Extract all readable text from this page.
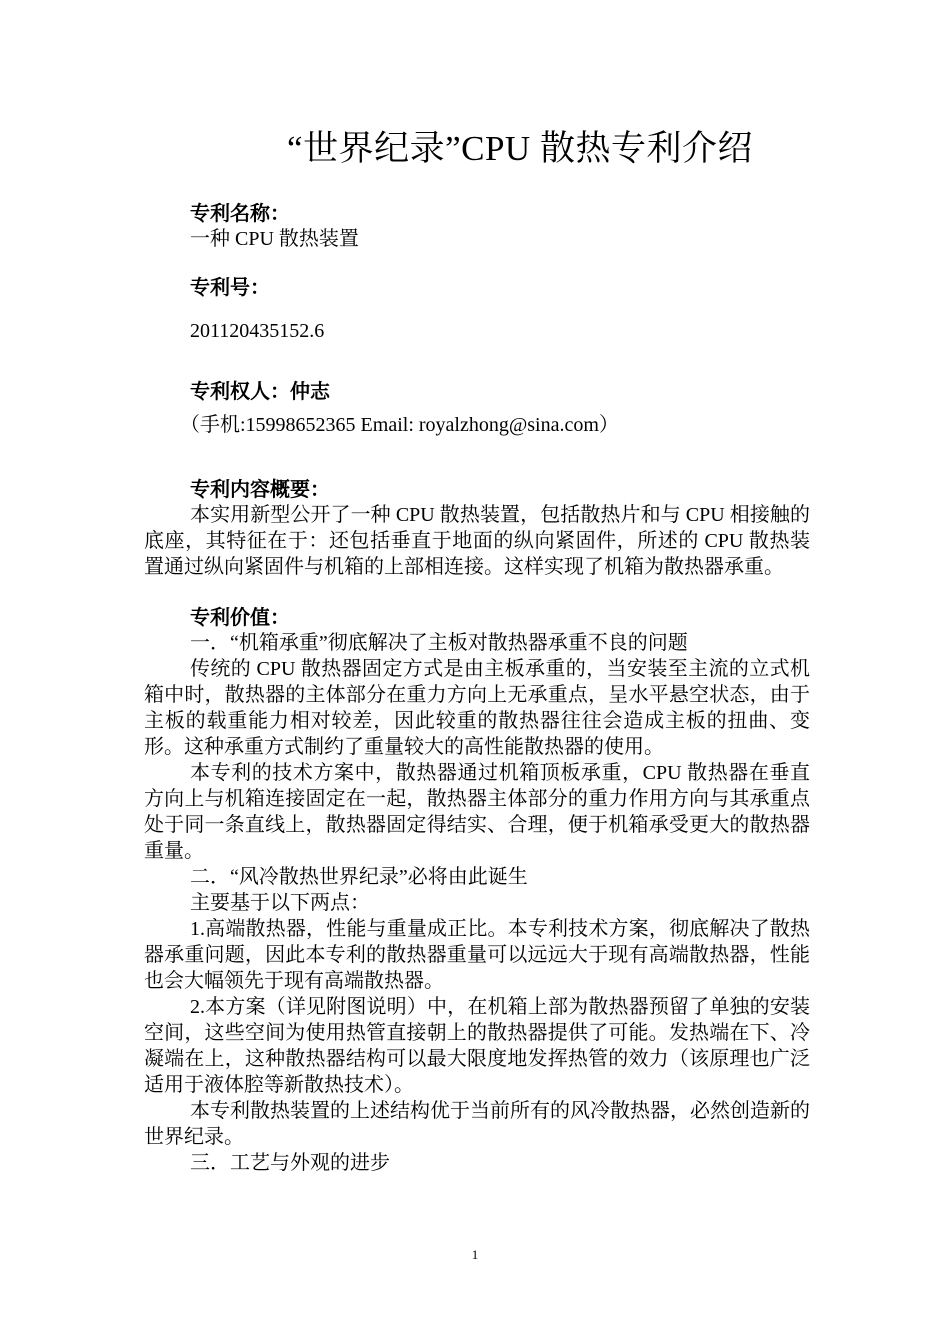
“世界纪录”CPU 散热专利介绍
专利名称：
一种 CPU 散热装置
专利号：
201120435152.6
专利权人：仲志
（手机:15998652365 Email: royalzhong@sina.com）
专利内容概要：

本实用新型公开了一种 CPU 散热装置，包括散热片和与 CPU 相接触的底座，其特征在于：还包括垂直于地面的纵向紧固件，所述的 CPU 散热装置通过纵向紧固件与机箱的上部相连接。这样实现了机箱为散热器承重。

专利价值：
一．“机箱承重”彻底解决了主板对散热器承重不良的问题

传统的 CPU 散热器固定方式是由主板承重的，当安装至主流的立式机箱中时，散热器的主体部分在重力方向上无承重点，呈水平悬空状态，由于主板的载重能力相对较差，因此较重的散热器往往会造成主板的扭曲、变形。这种承重方式制约了重量较大的高性能散热器的使用。

本专利的技术方案中，散热器通过机箱顶板承重，CPU 散热器在垂直方向上与机箱连接固定在一起，散热器主体部分的重力作用方向与其承重点处于同一条直线上，散热器固定得结实、合理，便于机箱承受更大的散热器重量。

二．“风冷散热世界纪录”必将由此诞生
主要基于以下两点：

1.高端散热器，性能与重量成正比。本专利技术方案，彻底解决了散热器承重问题，因此本专利的散热器重量可以远远大于现有高端散热器，性能也会大幅领先于现有高端散热器。

2.本方案（详见附图说明）中，在机箱上部为散热器预留了单独的安装空间，这些空间为使用热管直接朝上的散热器提供了可能。发热端在下、冷凝端在上，这种散热器结构可以最大限度地发挥热管的效力（该原理也广泛适用于液体腔等新散热技术）。

本专利散热装置的上述结构优于当前所有的风冷散热器，必然创造新的世界纪录。

三．工艺与外观的进步
1
